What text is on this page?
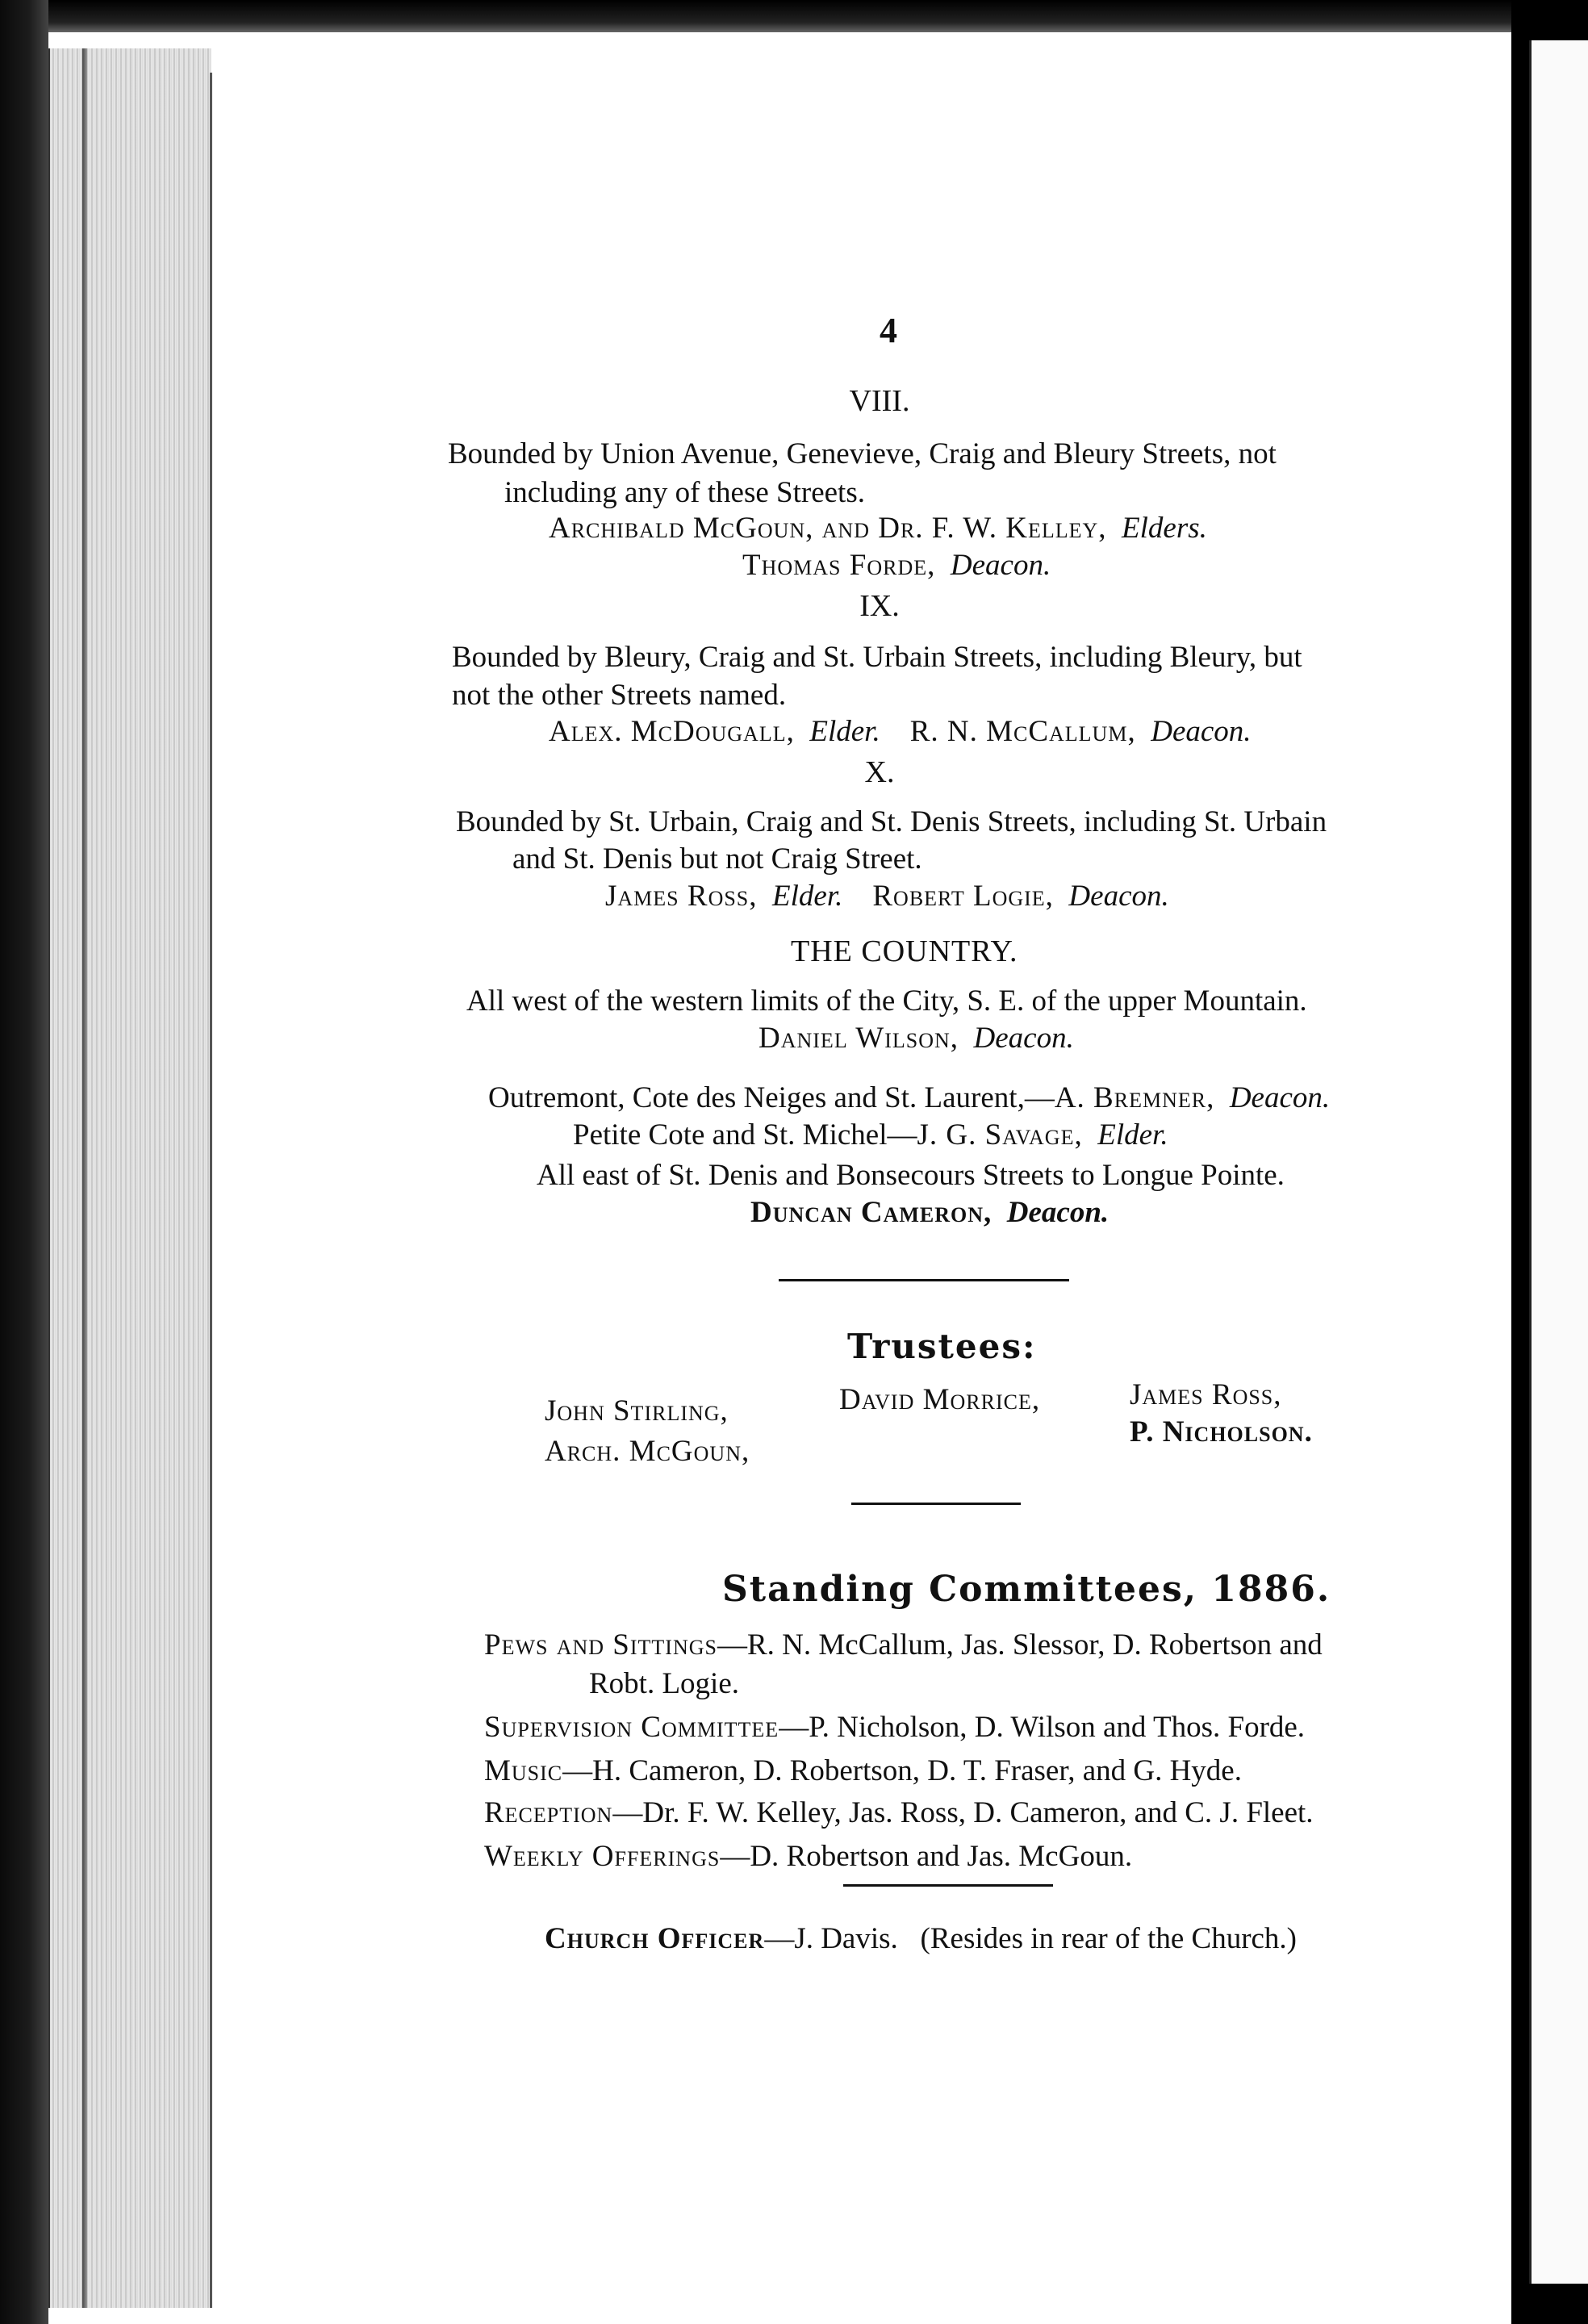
4
VIII.
Bounded by Union Avenue, Genevieve, Craig and Bleury Streets, not
including any of these Streets.
Archibald McGoun, and Dr. F. W. Kelley, Elders.
Thomas Forde, Deacon.
IX.
Bounded by Bleury, Craig and St. Urbain Streets, including Bleury, but
not the other Streets named.
Alex. McDougall, Elder. R. N. McCallum, Deacon.
X.
Bounded by St. Urbain, Craig and St. Denis Streets, including St. Urbain
and St. Denis but not Craig Street.
James Ross, Elder. Robert Logie, Deacon.
THE COUNTRY.
All west of the western limits of the City, S. E. of the upper Mountain.
Daniel Wilson, Deacon.
Outremont, Cote des Neiges and St. Laurent,—A. Bremner, Deacon.
Petite Cote and St. Michel—J. G. Savage, Elder.
All east of St. Denis and Bonsecours Streets to Longue Pointe.
Duncan Cameron, Deacon.
Trustees:
John Stirling,
Arch. McGoun,
David Morrice,	James Ross,
P. Nicholson.
Standing Committees, 1886.
Pews and Sittings—R. N. McCallum, Jas. Slessor, D. Robertson and
Robt. Logie.
Supervision Committee—P. Nicholson, D. Wilson and Thos. Forde.
Music—H. Cameron, D. Robertson, D. T. Fraser, and G. Hyde.
Reception—Dr. F. W. Kelley, Jas. Ross, D. Cameron, and C. J. Fleet.
Weekly Offerings—D. Robertson and Jas. McGoun.
Church Officer—J. Davis. (Resides in rear of the Church.)
